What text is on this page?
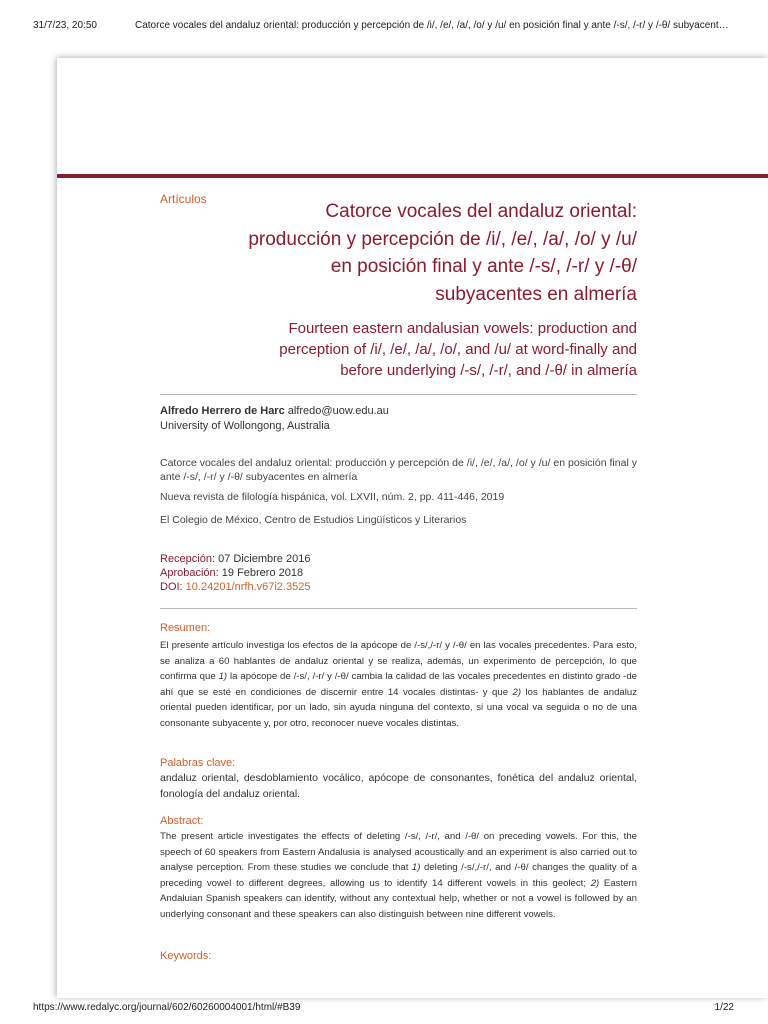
31/7/23, 20:50	Catorce vocales del andaluz oriental: producción y percepción de /i/, /e/, /a/, /o/ y /u/ en posición final y ante /-s/, /-r/ y /-θ/ subyacent…
Artículos
Catorce vocales del andaluz oriental: producción y percepción de /i/, /e/, /a/, /o/ y /u/ en posición final y ante /-s/, /-r/ y /-θ/ subyacentes en almería
Fourteen eastern andalusian vowels: production and perception of /i/, /e/, /a/, /o/, and /u/ at word-finally and before underlying /-s/, /-r/, and /-θ/ in almería
Alfredo Herrero de Harc alfredo@uow.edu.au
University of Wollongong, Australia

Catorce vocales del andaluz oriental: producción y percepción de /i/, /e/, /a/, /o/ y /u/ en posición final y ante /-s/, /-r/ y /-θ/ subyacentes en almería

Nueva revista de filología hispánica, vol. LXVII, núm. 2, pp. 411-446, 2019

El Colegio de México, Centro de Estudios Lingüísticos y Literarios

Recepción: 07 Diciembre 2016
Aprobación: 19 Febrero 2018
DOI: 10.24201/nrfh.v67i2.3525
Resumen:
El presente artículo investiga los efectos de la apócope de /-s/,/-r/ y /-θ/ en las vocales precedentes. Para esto, se analiza a 60 hablantes de andaluz oriental y se realiza, además, un experimento de percepción, lo que confirma que 1) la apócope de /-s/, /-r/ y /-θ/ cambia la calidad de las vocales precedentes en distinto grado -de ahí que se esté en condiciones de discernir entre 14 vocales distintas- y que 2) los hablantes de andaluz oriental pueden identificar, por un lado, sin ayuda ninguna del contexto, si una vocal va seguida o no de una consonante subyacente y, por otro, reconocer nueve vocales distintas.
Palabras clave:
andaluz oriental, desdoblamiento vocálico, apócope de consonantes, fonética del andaluz oriental, fonología del andaluz oriental.
Abstract:
The present article investigates the effects of deleting /-s/, /-r/, and /-θ/ on preceding vowels. For this, the speech of 60 speakers from Eastern Andalusia is analysed acoustically and an experiment is also carried out to analyse perception. From these studies we conclude that 1) deleting /-s/,/-r/, and /-θ/ changes the quality of a preceding vowel to different degrees, allowing us to identify 14 different vowels in this geolect; 2) Eastern Andaluian Spanish speakers can identify, without any contextual help, whether or not a vowel is followed by an underlying consonant and these speakers can also distinguish between nine different vowels.
Keywords:
https://www.redalyc.org/journal/602/60260004001/html/#B39	1/22
